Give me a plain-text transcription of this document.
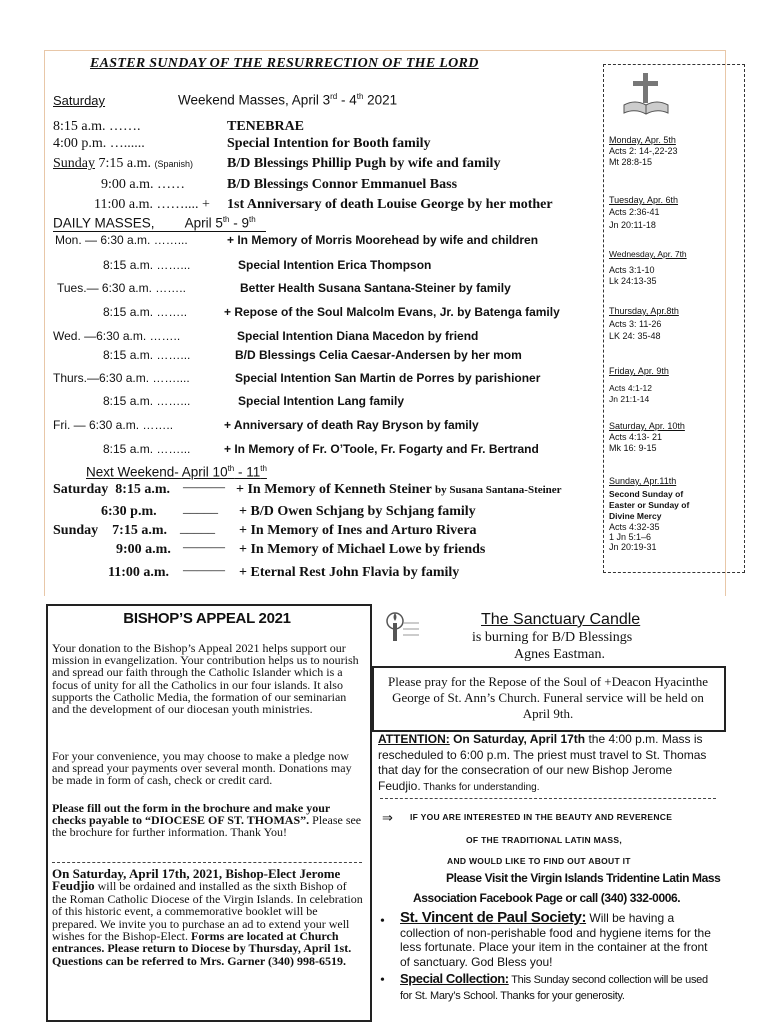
EASTER SUNDAY OF THE RESURRECTION OF THE LORD
Saturday	Weekend Masses, April 3rd - 4th 2021
8:15 a.m. …….	TENEBRAE
4:00 p.m. …......	Special Intention for Booth family
Sunday 7:15 a.m. (Spanish) B/D Blessings Phillip Pugh by wife and family
9:00 a.m. ……	B/D Blessings Connor Emmanuel Bass
11:00 a.m. …….... + 1st Anniversary of death Louise George by her mother
DAILY MASSES, April 5th - 9th
Mon. — 6:30 a.m. ……...	+ In Memory of Morris Moorehead by wife and children
8:15 a.m. ……...	Special Intention Erica Thompson
Tues.— 6:30 a.m. ……..	Better Health Susana Santana-Steiner by family
8:15 a.m. ……..	+ Repose of the Soul Malcolm Evans, Jr. by Batenga family
Wed. —6:30 a.m. ……..	Special Intention Diana Macedon by friend
8:15 a.m. ……...	B/D Blessings Celia Caesar-Andersen by her mom
Thurs.—6:30 a.m. ……....	Special Intention San Martin de Porres by parishioner
8:15 a.m. ……...	Special Intention Lang family
Fri. — 6:30 a.m. ……..	+ Anniversary of death Ray Bryson by family
8:15 a.m. ……...	+ In Memory of Fr. O’Toole, Fr. Fogarty and Fr. Bertrand
Next Weekend- April 10th - 11th
Saturday 8:15 a.m. ——— + In Memory of Kenneth Steiner by Susana Santana-Steiner
6:30 p.m. _____ + B/D Owen Schjang by Schjang family
Sunday 7:15 a.m. _____ + In Memory of Ines and Arturo Rivera
9:00 a.m. ——— + In Memory of Michael Lowe by friends
11:00 a.m. ——— + Eternal Rest John Flavia by family
Monday, Apr. 5th
Acts 2: 14-,22-23
Mt 28:8-15
Tuesday, Apr. 6th
Acts 2:36-41
Jn 20:11-18
Wednesday, Apr. 7th
Acts 3:1-10
Lk 24:13-35
Thursday, Apr.8th
Acts 3: 11-26
LK 24: 35-48
Friday, Apr. 9th
Acts 4:1-12
Jn 21:1-14
Saturday, Apr. 10th
Acts 4:13- 21
Mk 16: 9-15
Sunday, Apr.11th
Second Sunday of
Easter or Sunday of
Divine Mercy
Acts 4:32-35
1 Jn 5:1–6
Jn 20:19-31
BISHOP’S APPEAL 2021
Your donation to the Bishop’s Appeal 2021 helps support our mission in evangelization. Your contribution helps us to nourish and spread our faith through the Catholic Islander which is a focus of unity for all the Catholics in our four islands. It also supports the Catholic Media, the formation of our seminarian and the development of our diocesan youth ministries.
For your convenience, you may choose to make a pledge now and spread your payments over several month. Donations may be made in form of cash, check or credit card.
Please fill out the form in the brochure and make your checks payable to “DIOCESE OF ST. THOMAS”. Please see the brochure for further information. Thank You!
On Saturday, April 17th, 2021, Bishop-Elect Jerome Feudjio will be ordained and installed as the sixth Bishop of the Roman Catholic Diocese of the Virgin Islands. In celebration of this historic event, a commemorative booklet will be prepared. We invite you to purchase an ad to extend your well wishes for the Bishop-Elect. Forms are located at Church entrances. Please return to Diocese by Thursday, April 1st. Questions can be referred to Mrs. Garner (340) 998-6519.
The Sanctuary Candle
is burning for B/D Blessings
Agnes Eastman.
Please pray for the Repose of the Soul of +Deacon Hyacinthe George of St. Ann’s Church. Funeral service will be held on April 9th.
ATTENTION: On Saturday, April 17th the 4:00 p.m. Mass is rescheduled to 6:00 p.m. The priest must travel to St. Thomas that day for the consecration of our new Bishop Jerome Feudjio. Thanks for understanding.
⇒ IF YOU ARE INTERESTED IN THE BEAUTY AND REVERENCE
OF THE TRADITIONAL LATIN MASS,
AND WOULD LIKE TO FIND OUT ABOUT IT
Please Visit the Virgin Islands Tridentine Latin Mass
Association Facebook Page or call (340) 332-0006.
• St. Vincent de Paul Society: Will be having a collection of non-perishable food and hygiene items for the less fortunate. Place your item in the container at the front of sanctuary. God Bless you!
• Special Collection: This Sunday second collection will be used for St. Mary’s School. Thanks for your generosity.
